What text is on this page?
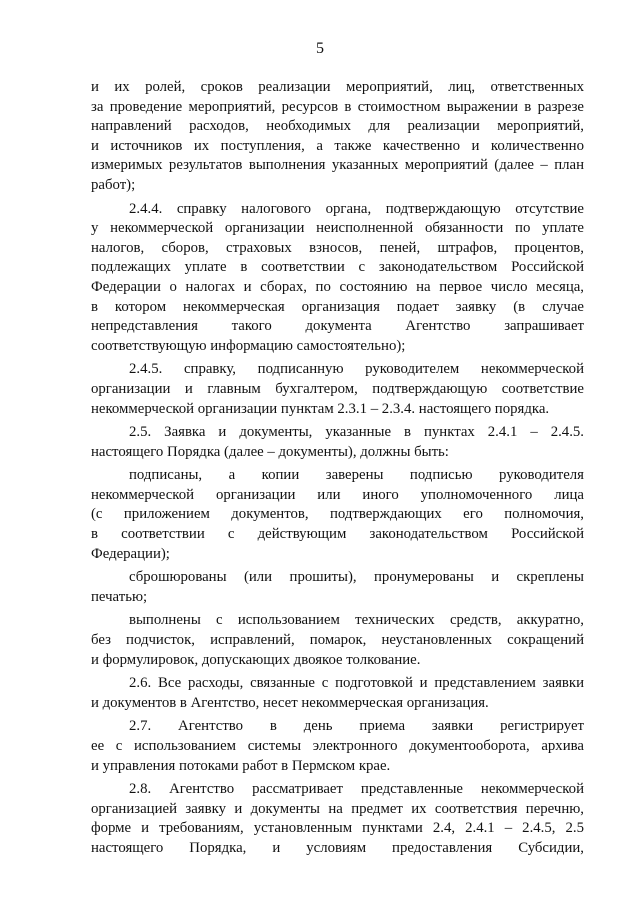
5
и их ролей, сроков реализации мероприятий, лиц, ответственных
за проведение мероприятий, ресурсов в стоимостном выражении в разрезе
направлений расходов, необходимых для реализации мероприятий,
и источников их поступления, а также качественно и количественно
измеримых результатов выполнения указанных мероприятий (далее – план
работ);
2.4.4. справку налогового органа, подтверждающую отсутствие
у некоммерческой организации неисполненной обязанности по уплате
налогов, сборов, страховых взносов, пеней, штрафов, процентов,
подлежащих уплате в соответствии с законодательством Российской
Федерации о налогах и сборах, по состоянию на первое число месяца,
в котором некоммерческая организация подает заявку (в случае
непредставления такого документа Агентство запрашивает
соответствующую информацию самостоятельно);
2.4.5. справку, подписанную руководителем некоммерческой
организации и главным бухгалтером, подтверждающую соответствие
некоммерческой организации пунктам 2.3.1 – 2.3.4. настоящего порядка.
2.5. Заявка и документы, указанные в пунктах 2.4.1 – 2.4.5.
настоящего Порядка (далее – документы), должны быть:
подписаны, а копии заверены подписью руководителя
некоммерческой организации или иного уполномоченного лица
(с приложением документов, подтверждающих его полномочия,
в соответствии с действующим законодательством Российской
Федерации);
сброшюрованы (или прошиты), пронумерованы и скреплены
печатью;
выполнены с использованием технических средств, аккуратно,
без подчисток, исправлений, помарок, неустановленных сокращений
и формулировок, допускающих двоякое толкование.
2.6. Все расходы, связанные с подготовкой и представлением заявки
и документов в Агентство, несет некоммерческая организация.
2.7. Агентство в день приема заявки регистрирует
ее с использованием системы электронного документооборота, архива
и управления потоками работ в Пермском крае.
2.8. Агентство рассматривает представленные некоммерческой
организацией заявку и документы на предмет их соответствия перечню,
форме и требованиям, установленным пунктами 2.4, 2.4.1 – 2.4.5, 2.5
настоящего Порядка, и условиям предоставления Субсидии,
